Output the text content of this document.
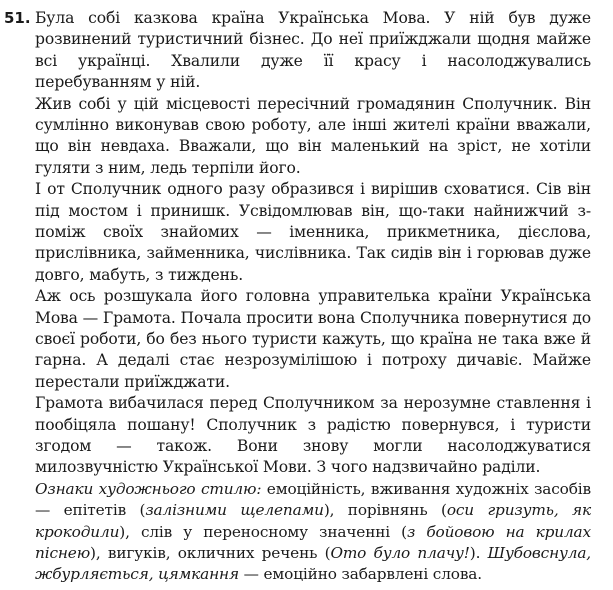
51. Була собі казкова країна Українська Мова. У ній був дуже розвинений туристичний бізнес. До неї приїжджали щодня майже всі українці. Хвалили дуже її красу і насолоджувались перебуванням у ній.
Жив собі у цій місцевості пересічний громадянин Сполучник. Він сумлінно виконував свою роботу, але інші жителі країни вважали, що він невдаха. Вважали, що він маленький на зріст, не хотіли гуляти з ним, ледь терпіли його.
І от Сполучник одного разу образився і вирішив сховатися. Сів він під мостом і принишк. Усвідомлював він, що-таки найнижчий з-поміж своїх знайомих — іменника, прикметника, дієслова, прислівника, займенника, числівника. Так сидів він і горював дуже довго, мабуть, з тиждень.
Аж ось розшукала його головна управителька країни Українська Мова — Грамота. Почала просити вона Сполучника повернутися до своєї роботи, бо без нього туристи кажуть, що країна не така вже й гарна. А дедалі стає незрозумілішою і потроху дичавіє. Майже перестали приїжджати.
Грамота вибачилася перед Сполучником за нерозумне ставлення і пообіцяла пошану! Сполучник з радістю повернувся, і туристи згодом — також. Вони знову могли насолоджуватися милозвучністю Української Мови. З чого надзвичайно раділи.
Ознаки художнього стилю: емоційність, вживання художніх засобів — епітетів (залізними щелепами), порівнянь (оси гризуть, як крокодили), слів у переносному значенні (з бойовою на крилах піснею), вигуків, окличних речень (Ото було плачу!). Шубовснула, жбурляється, цямкання — емоційно забарвлені слова.
